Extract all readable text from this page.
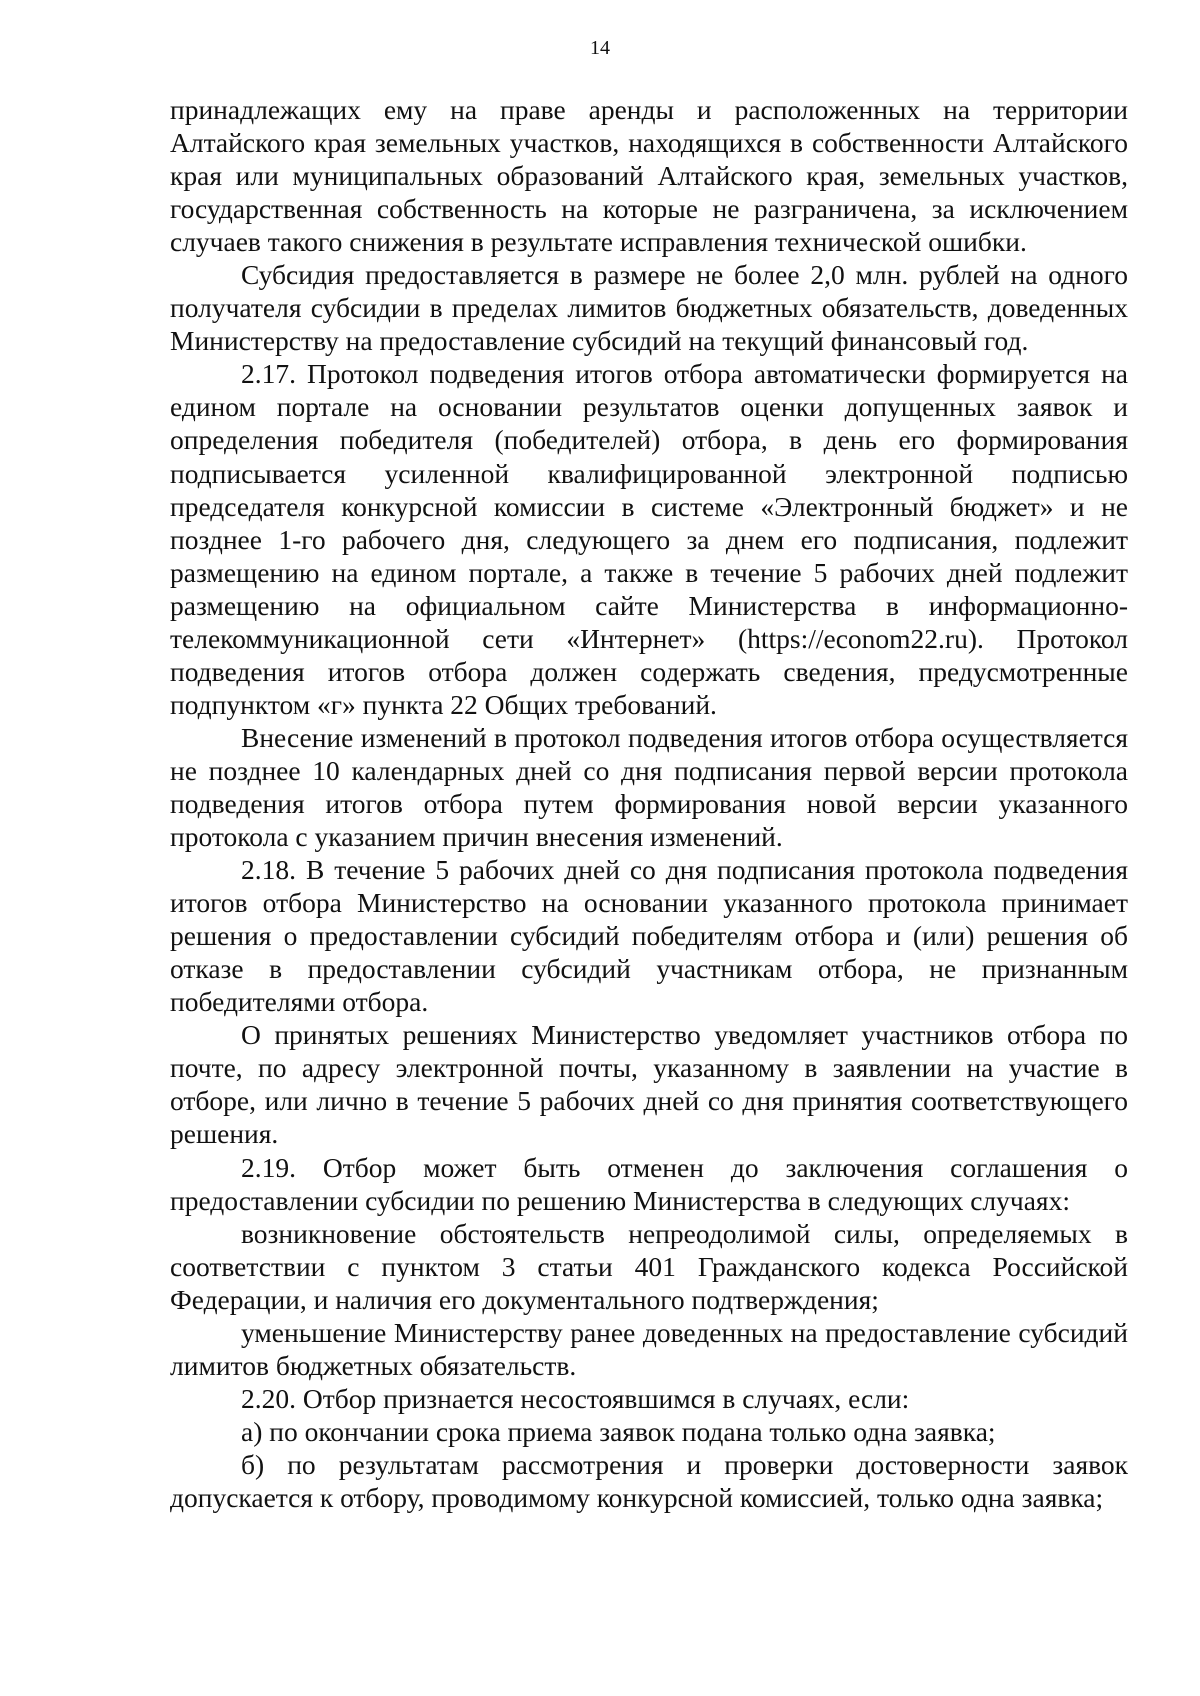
14

принадлежащих ему на праве аренды и расположенных на территории Алтайского края земельных участков, находящихся в собственности Алтайского края или муниципальных образований Алтайского края, земельных участков, государственная собственность на которые не разграничена, за исключением случаев такого снижения в результате исправления технической ошибки.

Субсидия предоставляется в размере не более 2,0 млн. рублей на одного получателя субсидии в пределах лимитов бюджетных обязательств, доведенных Министерству на предоставление субсидий на текущий финансовый год.

2.17. Протокол подведения итогов отбора автоматически формируется на едином портале на основании результатов оценки допущенных заявок и определения победителя (победителей) отбора, в день его формирования подписывается усиленной квалифицированной электронной подписью председателя конкурсной комиссии в системе «Электронный бюджет» и не позднее 1-го рабочего дня, следующего за днем его подписания, подлежит размещению на едином портале, а также в течение 5 рабочих дней подлежит размещению на официальном сайте Министерства в информационно-телекоммуникационной сети «Интернет» (https://econom22.ru). Протокол подведения итогов отбора должен содержать сведения, предусмотренные подпунктом «г» пункта 22 Общих требований.

Внесение изменений в протокол подведения итогов отбора осуществляется не позднее 10 календарных дней со дня подписания первой версии протокола подведения итогов отбора путем формирования новой версии указанного протокола с указанием причин внесения изменений.

2.18. В течение 5 рабочих дней со дня подписания протокола подведения итогов отбора Министерство на основании указанного протокола принимает решения о предоставлении субсидий победителям отбора и (или) решения об отказе в предоставлении субсидий участникам отбора, не признанным победителями отбора.

О принятых решениях Министерство уведомляет участников отбора по почте, по адресу электронной почты, указанному в заявлении на участие в отборе, или лично в течение 5 рабочих дней со дня принятия соответствующего решения.

2.19. Отбор может быть отменен до заключения соглашения о предоставлении субсидии по решению Министерства в следующих случаях:

возникновение обстоятельств непреодолимой силы, определяемых в соответствии с пунктом 3 статьи 401 Гражданского кодекса Российской Федерации, и наличия его документального подтверждения;

уменьшение Министерству ранее доведенных на предоставление субсидий лимитов бюджетных обязательств.

2.20. Отбор признается несостоявшимся в случаях, если:

а) по окончании срока приема заявок подана только одна заявка;

б) по результатам рассмотрения и проверки достоверности заявок допускается к отбору, проводимому конкурсной комиссией, только одна заявка;
